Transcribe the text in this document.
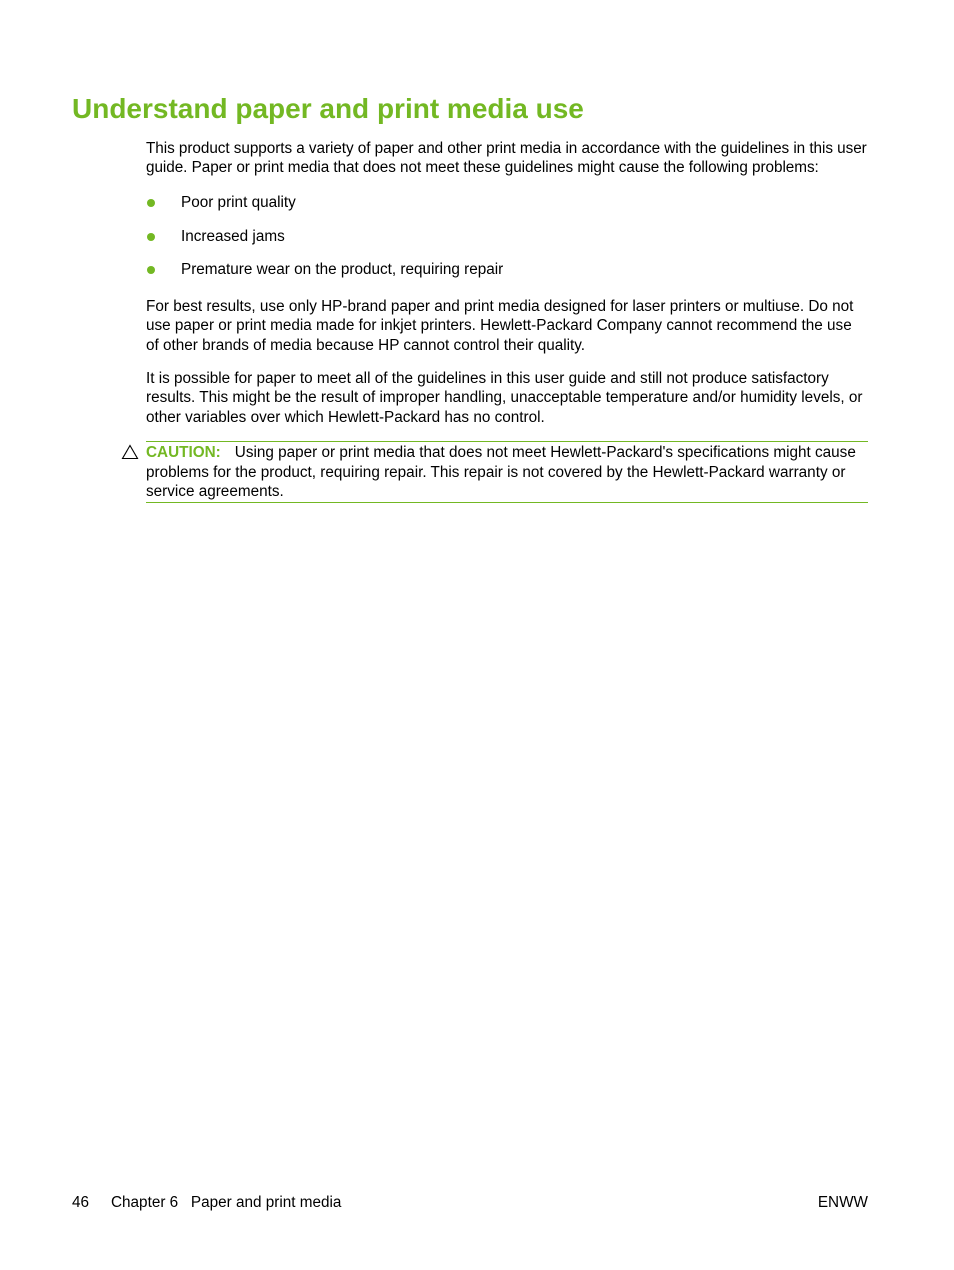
Understand paper and print media use

This product supports a variety of paper and other print media in accordance with the guidelines in this user guide. Paper or print media that does not meet these guidelines might cause the following problems:

Poor print quality
Increased jams
Premature wear on the product, requiring repair

For best results, use only HP-brand paper and print media designed for laser printers or multiuse. Do not use paper or print media made for inkjet printers. Hewlett-Packard Company cannot recommend the use of other brands of media because HP cannot control their quality.

It is possible for paper to meet all of the guidelines in this user guide and still not produce satisfactory results. This might be the result of improper handling, unacceptable temperature and/or humidity levels, or other variables over which Hewlett-Packard has no control.

CAUTION: Using paper or print media that does not meet Hewlett-Packard's specifications might cause problems for the product, requiring repair. This repair is not covered by the Hewlett-Packard warranty or service agreements.
46 Chapter 6   Paper and print media	ENWW
